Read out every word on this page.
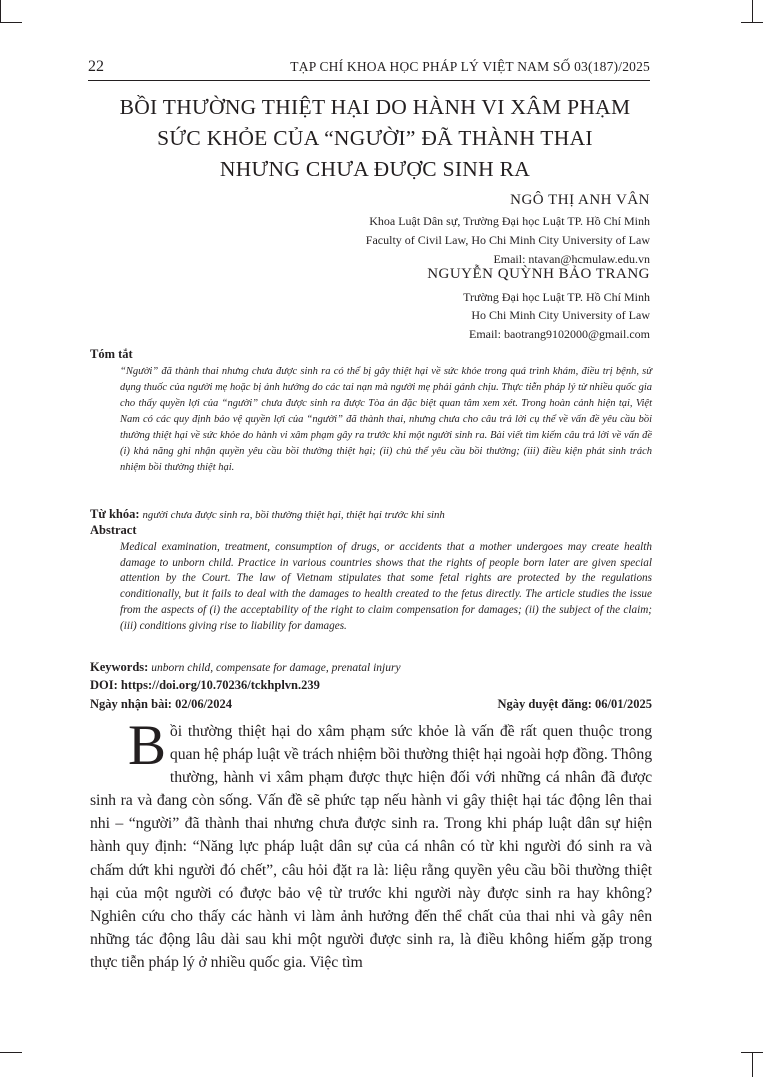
22	TẠP CHÍ KHOA HỌC PHÁP LÝ VIỆT NAM SỐ 03(187)/2025
BỒI THƯỜNG THIỆT HẠI DO HÀNH VI XÂM PHẠM
SỨC KHỎE CỦA “NGƯỜI” ĐÃ THÀNH THAI
NHƯNG CHƯA ĐƯỢC SINH RA
NGÔ THỊ ANH VÂN
Khoa Luật Dân sự, Trường Đại học Luật TP. Hồ Chí Minh
Faculty of Civil Law, Ho Chi Minh City University of Law
Email: ntavan@hcmulaw.edu.vn
NGUYỄN QUỲNH BẢO TRANG
Trường Đại học Luật TP. Hồ Chí Minh
Ho Chi Minh City University of Law
Email: baotrang9102000@gmail.com
Tóm tắt
“Người” đã thành thai nhưng chưa được sinh ra có thể bị gây thiệt hại về sức khỏe trong quá trình khám, điều trị bệnh, sử dụng thuốc của người mẹ hoặc bị ảnh hưởng do các tai nạn mà người mẹ phải gánh chịu. Thực tiễn pháp lý từ nhiều quốc gia cho thấy quyền lợi của “người” chưa được sinh ra được Tòa án đặc biệt quan tâm xem xét. Trong hoàn cảnh hiện tại, Việt Nam có các quy định bảo vệ quyền lợi của “người” đã thành thai, nhưng chưa cho câu trả lời cụ thể về vấn đề yêu cầu bồi thường thiệt hại về sức khỏe do hành vi xâm phạm gây ra trước khi một người sinh ra. Bài viết tìm kiếm câu trả lời về vấn đề (i) khả năng ghi nhận quyền yêu cầu bồi thường thiệt hại; (ii) chủ thể yêu cầu bồi thường; (iii) điều kiện phát sinh trách nhiệm bồi thường thiệt hại.
Từ khóa: người chưa được sinh ra, bồi thường thiệt hại, thiệt hại trước khi sinh
Abstract
Medical examination, treatment, consumption of drugs, or accidents that a mother undergoes may create health damage to unborn child. Practice in various countries shows that the rights of people born later are given special attention by the Court. The law of Vietnam stipulates that some fetal rights are protected by the regulations conditionally, but it fails to deal with the damages to health created to the fetus directly. The article studies the issue from the aspects of (i) the acceptability of the right to claim compensation for damages; (ii) the subject of the claim; (iii) conditions giving rise to liability for damages.
Keywords: unborn child, compensate for damage, prenatal injury
DOI: https://doi.org/10.70236/tckhplvn.239
Ngày nhận bài: 02/06/2024	Ngày duyệt đăng: 06/01/2025
Bồi thường thiệt hại do xâm phạm sức khỏe là vấn đề rất quen thuộc trong quan hệ pháp luật về trách nhiệm bồi thường thiệt hại ngoài hợp đồng. Thông thường, hành vi xâm phạm được thực hiện đối với những cá nhân đã được sinh ra và đang còn sống. Vấn đề sẽ phức tạp nếu hành vi gây thiệt hại tác động lên thai nhi – “người” đã thành thai nhưng chưa được sinh ra. Trong khi pháp luật dân sự hiện hành quy định: “Năng lực pháp luật dân sự của cá nhân có từ khi người đó sinh ra và chấm dứt khi người đó chết”, câu hỏi đặt ra là: liệu rằng quyền yêu cầu bồi thường thiệt hại của một người có được bảo vệ từ trước khi người này được sinh ra hay không? Nghiên cứu cho thấy các hành vi làm ảnh hưởng đến thể chất của thai nhi và gây nên những tác động lâu dài sau khi một người được sinh ra, là điều không hiếm gặp trong thực tiễn pháp lý ở nhiều quốc gia. Việc tìm
